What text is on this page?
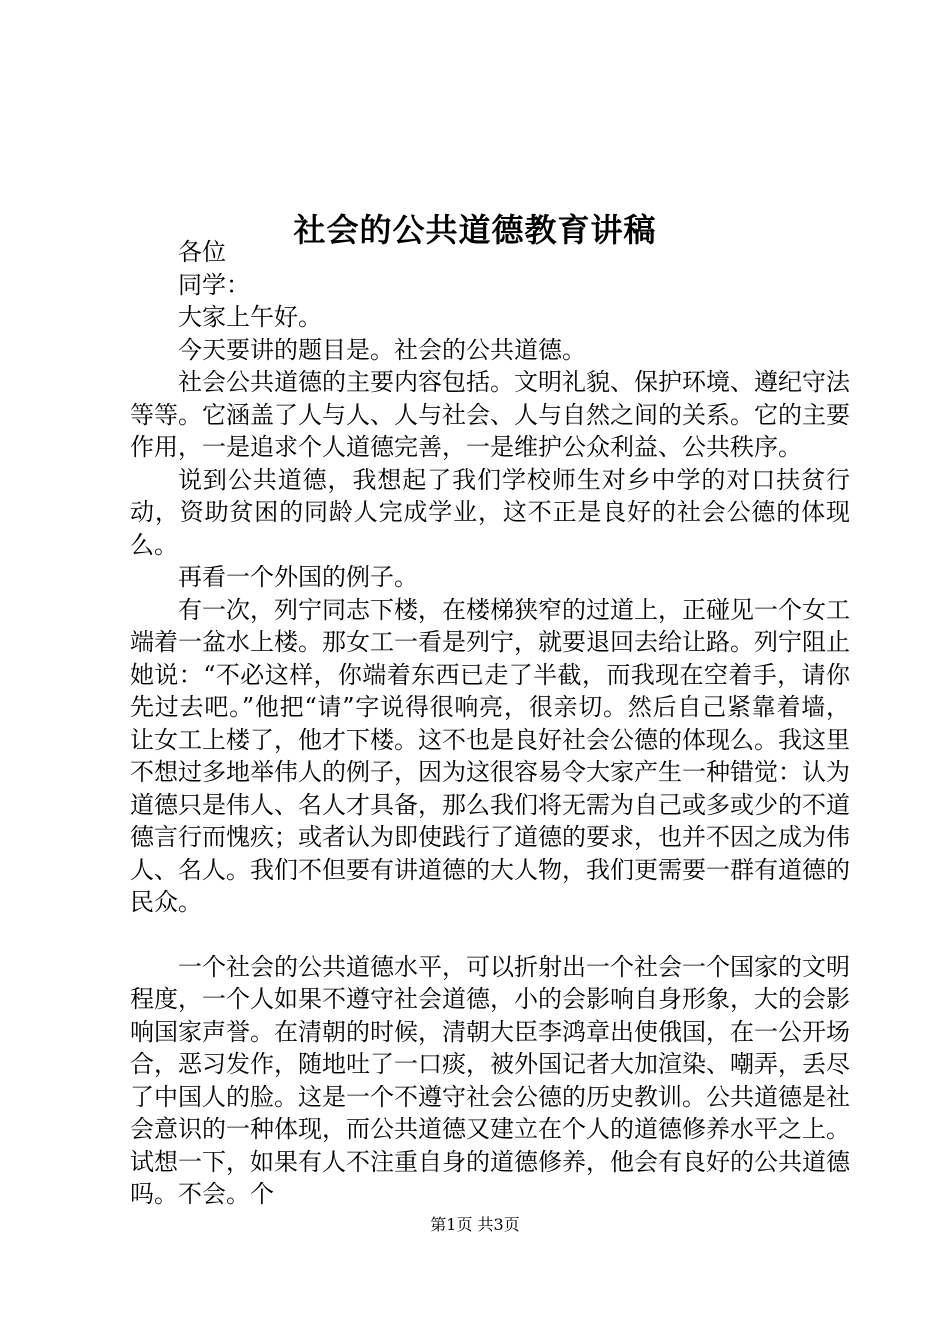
社会的公共道德教育讲稿

各位

同学：

大家上午好。

今天要讲的题目是。社会的公共道德。

社会公共道德的主要内容包括。文明礼貌、保护环境、遵纪守法等等。它涵盖了人与人、人与社会、人与自然之间的关系。它的主要作用，一是追求个人道德完善，一是维护公众利益、公共秩序。

说到公共道德，我想起了我们学校师生对乡中学的对口扶贫行动，资助贫困的同龄人完成学业，这不正是良好的社会公德的体现么。

再看一个外国的例子。

有一次，列宁同志下楼，在楼梯狭窄的过道上，正碰见一个女工端着一盆水上楼。那女工一看是列宁，就要退回去给让路。列宁阻止她说：“不必这样，你端着东西已走了半截，而我现在空着手，请你先过去吧。”他把“请”字说得很响亮，很亲切。然后自己紧靠着墙，让女工上楼了，他才下楼。这不也是良好社会公德的体现么。我这里不想过多地举伟人的例子，因为这很容易令大家产生一种错觉：认为道德只是伟人、名人才具备，那么我们将无需为自己或多或少的不道德言行而愧疚；或者认为即使践行了道德的要求，也并不因之成为伟人、名人。我们不但要有讲道德的大人物，我们更需要一群有道德的民众。

一个社会的公共道德水平，可以折射出一个社会一个国家的文明程度，一个人如果不遵守社会道德，小的会影响自身形象，大的会影响国家声誉。在清朝的时候，清朝大臣李鸿章出使俄国，在一公开场合，恶习发作，随地吐了一口痰，被外国记者大加渲染、嘲弄，丢尽了中国人的脸。这是一个不遵守社会公德的历史教训。公共道德是社会意识的一种体现，而公共道德又建立在个人的道德修养水平之上。试想一下，如果有人不注重自身的道德修养，他会有良好的公共道德吗。不会。个

第1页 共3页
